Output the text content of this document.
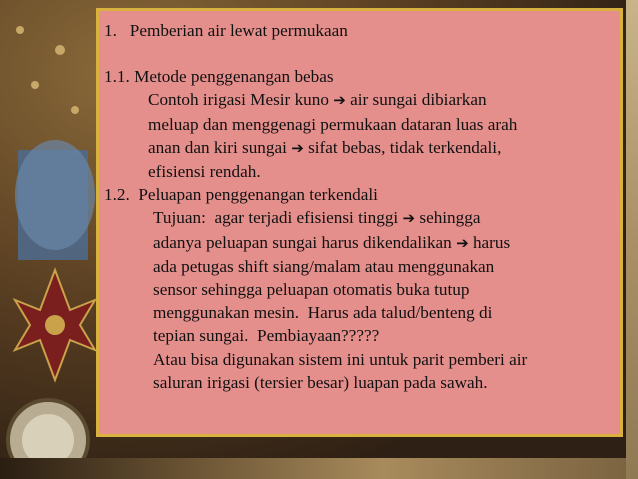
1.   Pemberian air lewat permukaan
1.1. Metode penggenangan bebas
Contoh irigasi Mesir kuno ➔ air sungai dibiarkan
meluap dan menggenagi permukaan dataran luas arah
anan dan kiri sungai ➔ sifat bebas, tidak terkendali,
efisiensi rendah.
1.2.  Peluapan penggenangan terkendali
Tujuan:  agar terjadi efisiensi tinggi ➔ sehingga
adanya peluapan sungai harus dikendalikan ➔ harus
ada petugas shift siang/malam atau menggunakan
sensor sehingga peluapan otomatis buka tutup
menggunakan mesin.  Harus ada talud/benteng di
tepian sungai.  Pembiayaan?????
Atau bisa digunakan sistem ini untuk parit pemberi air
saluran irigasi (tersier besar) luapan pada sawah.
